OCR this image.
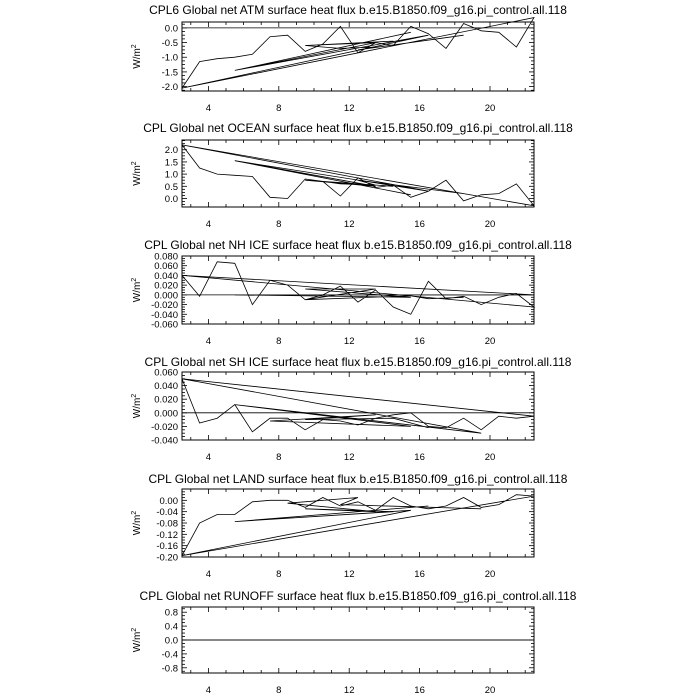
CPL6 Global net ATM surface heat flux b.e15.B1850.f09_g16.pi_control.all.118
4	8	12	16	20
0.0
-0.5
-1.0
-1.5
-2.0
$W/m^2$
CPL Global net OCEAN surface heat flux b.e15.B1850.f09_g16.pi_control.all.118
4	8	12	16	20
2.0
1.5
1.0
0.5
0.0
$W/m^2$
CPL Global net NH ICE surface heat flux b.e15.B1850.f09_g16.pi_control.all.118
4	8	12	16	20
0.080
0.060
0.040
0.020
0.000
-0.020
-0.040
-0.060
$W/m^2$
CPL Global net SH ICE surface heat flux b.e15.B1850.f09_g16.pi_control.all.118
4	8	12	16	20
0.060
0.040
0.020
0.000
-0.020
-0.040
$W/m^2$
CPL Global net LAND surface heat flux b.e15.B1850.f09_g16.pi_control.all.118
4	8	12	16	20
0.00
-0.04
-0.08
-0.12
-0.16
-0.20
$W/m^2$
CPL Global net RUNOFF surface heat flux b.e15.B1850.f09_g16.pi_control.all.118
4	8	12	16	20
0.8
0.4
0.0
-0.4
-0.8
$W/m^2$
